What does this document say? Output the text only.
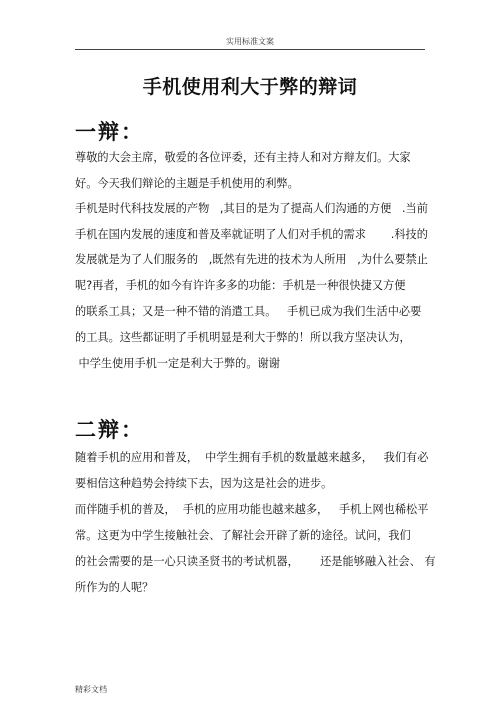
实用标准文案
手机使用利大于弊的辩词
一辩：
尊敬的大会主席，敬爱的各位评委，还有主持人和对方辩友们。大家
好。今天我们辩论的主题是手机使用的利弊。
手机是时代科技发展的产物   ,其目的是为了提高人们沟通的方便   .当前
手机在国内发展的速度和普及率就证明了人们对手机的需求       .科技的
发展就是为了人们服务的   ,既然有先进的技术为人所用   ,为什么要禁止
呢?再者，手机的如今有许许多多的功能：手机是一种很快捷又方便
的联系工具；又是一种不错的消遣工具。   手机已成为我们生活中必要
的工具。这些都证明了手机明显是利大于弊的！所以我方坚决认为，
中学生使用手机一定是利大于弊的。谢谢
二辩：
随着手机的应用和普及，  中学生拥有手机的数量越来越多，   我们有必
要相信这种趋势会持续下去，因为这是社会的进步。
而伴随手机的普及，  手机的应用功能也越来越多，   手机上网也稀松平
常。这更为中学生接触社会、了解社会开辟了新的途径。试问，我们
的社会需要的是一心只读圣贤书的考试机器，      还是能够融入社会、 有
所作为的人呢？
精彩文档
